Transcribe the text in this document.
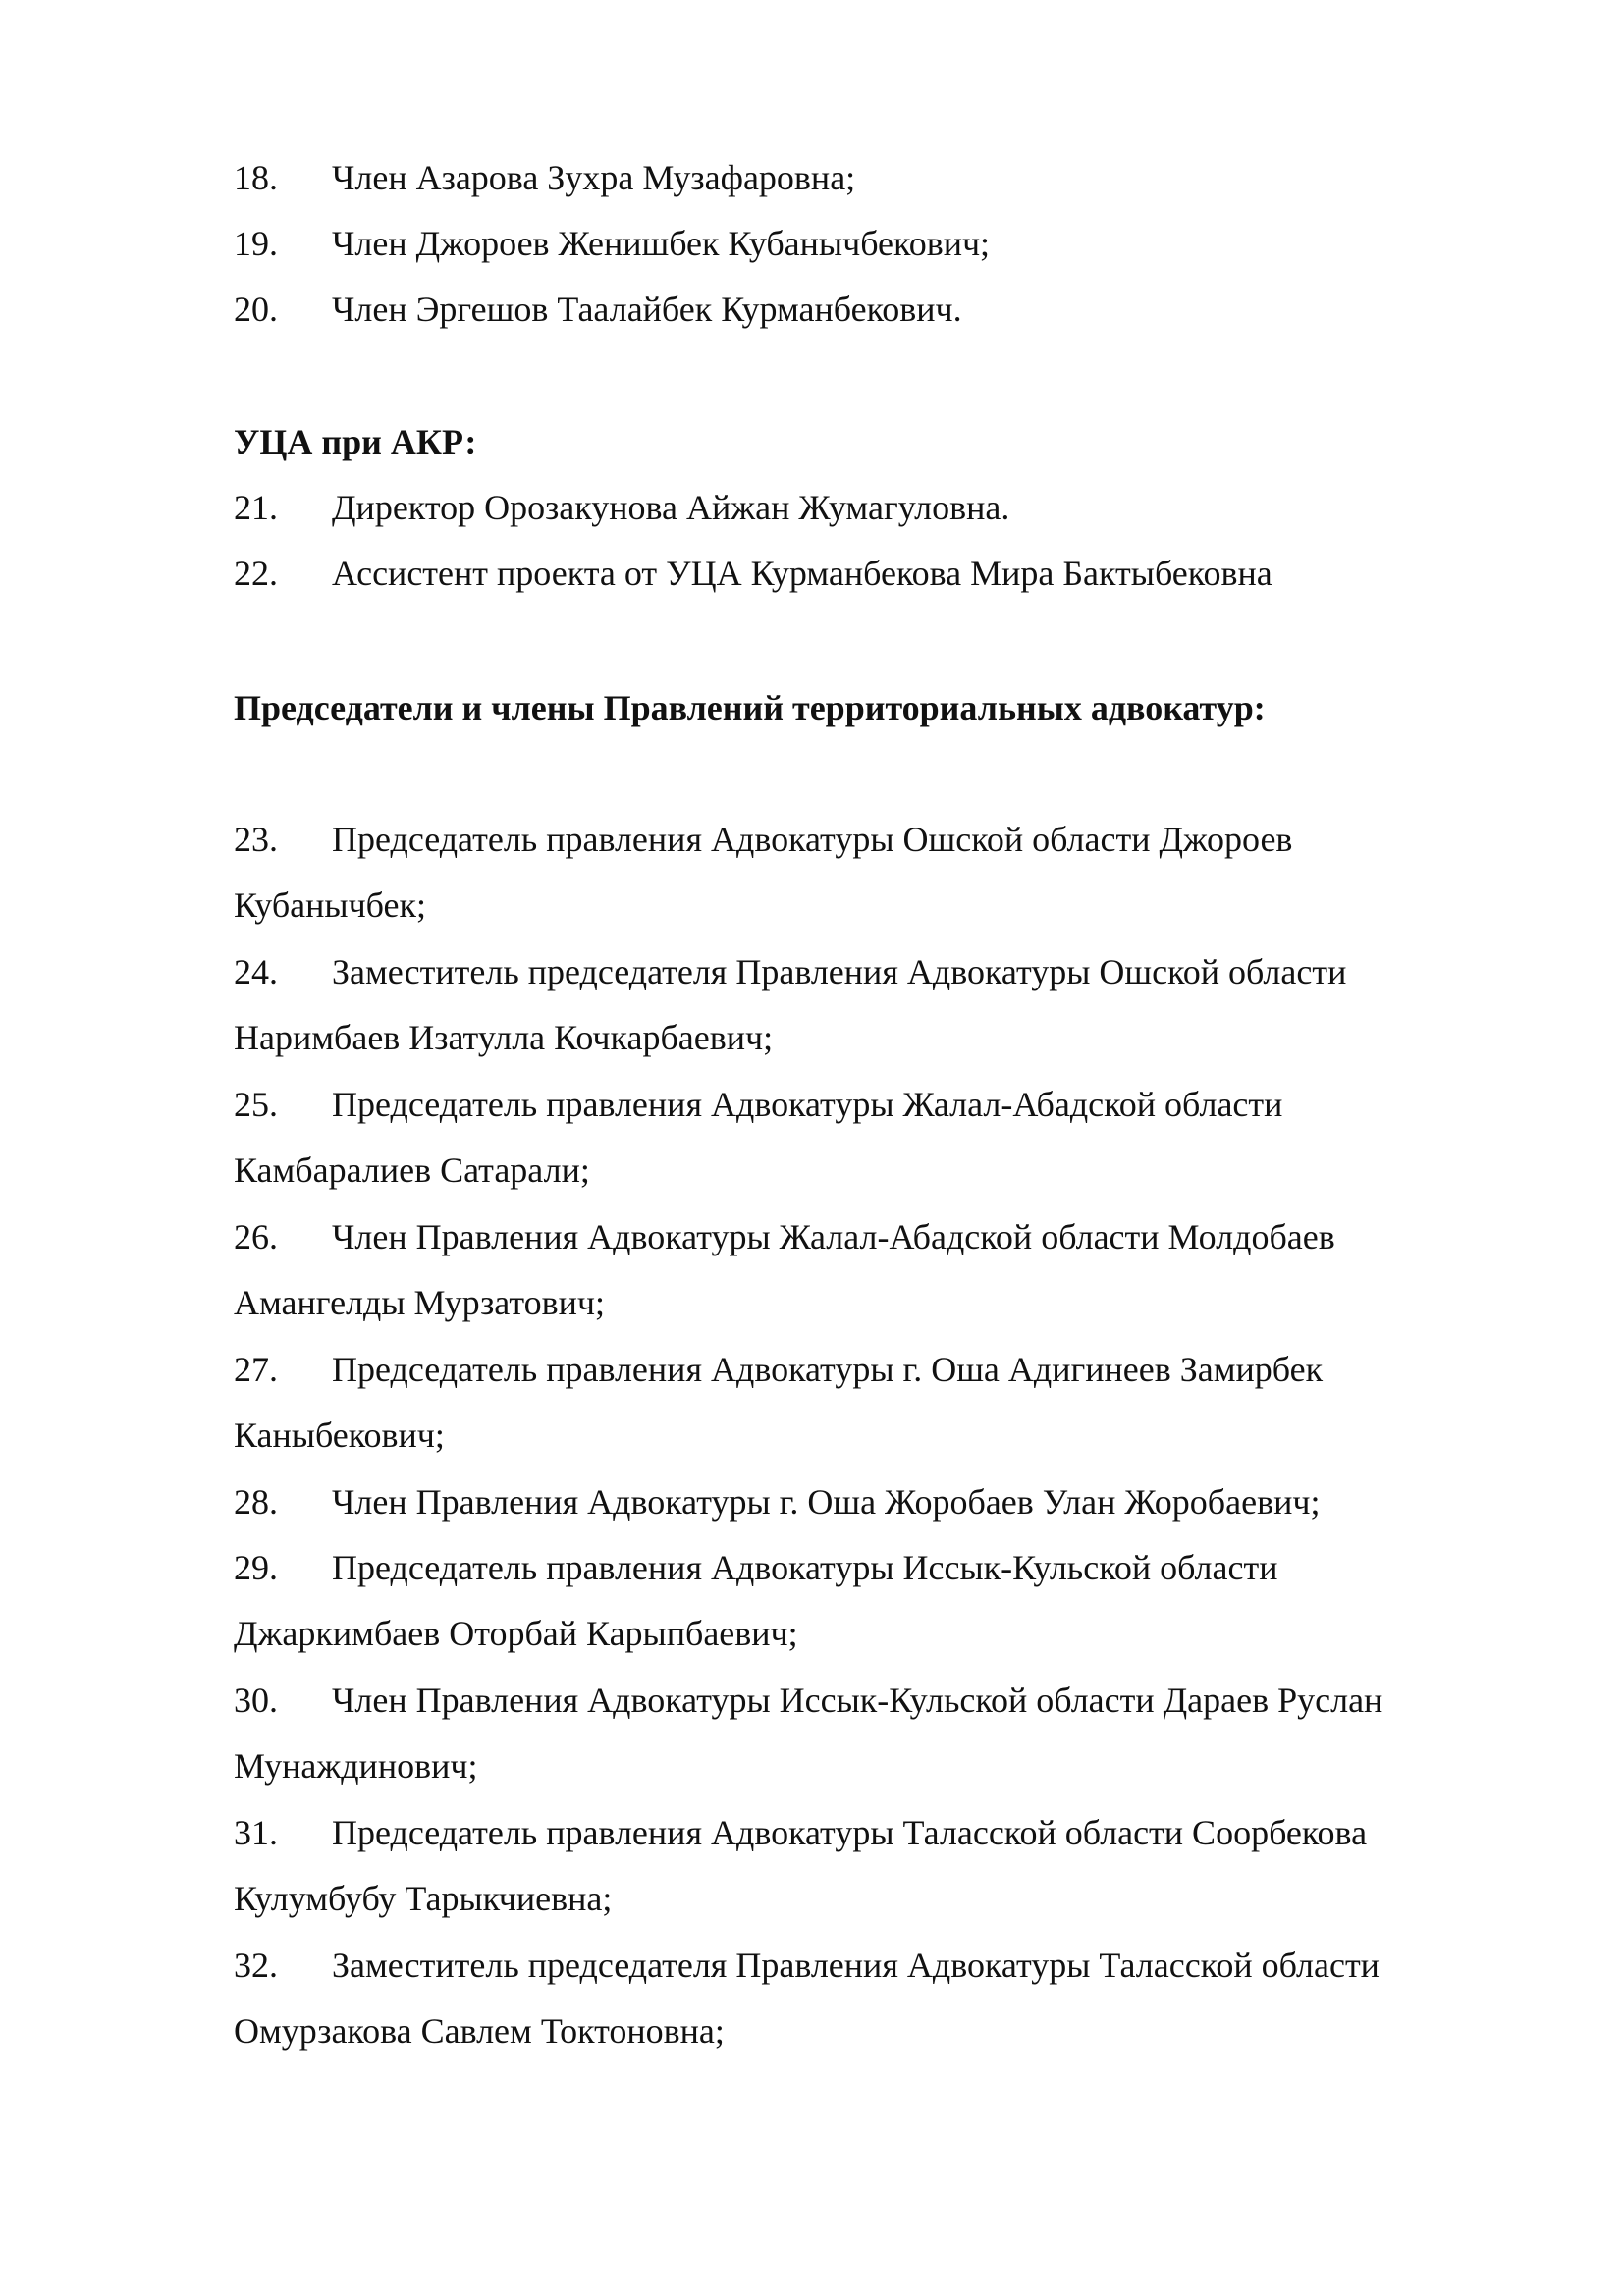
18. Член Азарова Зухра Музафаровна;
19. Член Джороев Женишбек Кубанычбекович;
20. Член Эргешов Таалайбек Курманбекович.
УЦА при АКР:
21. Директор Орозакунова Айжан Жумагуловна.
22. Ассистент проекта от УЦА Курманбекова Мира Бактыбековна
Председатели и члены Правлений территориальных адвокатур:
23. Председатель правления Адвокатуры Ошской области Джороев
Кубанычбек;
24. Заместитель председателя Правления Адвокатуры Ошской области
Наримбаев Изатулла Кочкарбаевич;
25. Председатель правления Адвокатуры Жалал-Абадской области
Камбаралиев Сатарали;
26. Член Правления Адвокатуры Жалал-Абадской области Молдобаев
Амангелды Мурзатович;
27. Председатель правления Адвокатуры г. Оша Адигинеев Замирбек
Каныбекович;
28. Член Правления Адвокатуры г. Оша Жоробаев Улан Жоробаевич;
29. Председатель правления Адвокатуры Иссык-Кульской области
Джаркимбаев Оторбай Карыпбаевич;
30. Член Правления Адвокатуры Иссык-Кульской области Дараев Руслан
Мунаждинович;
31. Председатель правления Адвокатуры Таласской области Соорбекова
Кулумбубу Тарыкчиевна;
32. Заместитель председателя Правления Адвокатуры Таласской области
Омурзакова Савлем Токтоновна;
